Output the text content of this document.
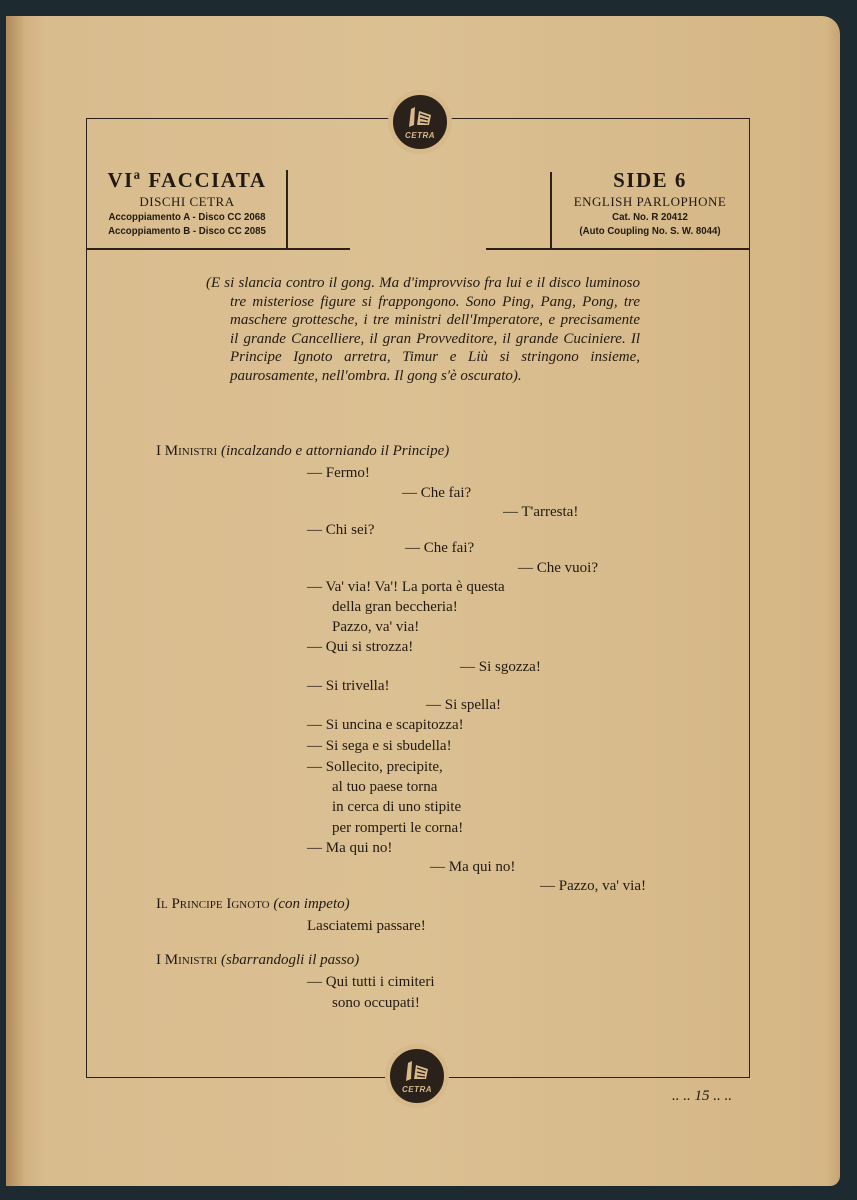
CETRA
VIª FACCIATA
DISCHI CETRA
Accoppiamento A - Disco CC 2068
Accoppiamento B - Disco CC 2085
SIDE 6
ENGLISH PARLOPHONE
Cat. No. R 20412
(Auto Coupling No. S. W. 8044)
(E si slancia contro il gong. Ma d'improvviso fra lui e il disco luminoso tre misteriose figure si frappongono. Sono Ping, Pang, Pong, tre maschere grottesche, i tre ministri dell'Imperatore, e precisamente il grande Cancelliere, il gran Provveditore, il grande Cuciniere. Il Principe Ignoto arretra, Timur e Liù si stringono insieme, paurosamente, nell'ombra. Il gong s'è oscurato).
I Ministri (incalzando e attorniando il Principe)
— Fermo!
— Che fai?
— T'arresta!
— Chi sei?
— Che fai?
— Che vuoi?
— Va' via! Va'! La porta è questa
della gran beccheria!
Pazzo, va' via!
— Qui si strozza!
— Si sgozza!
— Si trivella!
— Si spella!
— Si uncina e scapitozza!
— Si sega e si sbudella!
— Sollecito, precipite,
al tuo paese torna
in cerca di uno stipite
per romperti le corna!
— Ma qui no!
— Ma qui no!
— Pazzo, va' via!
Il Principe Ignoto (con impeto)
Lasciatemi passare!
I Ministri (sbarrandogli il passo)
— Qui tutti i cimiteri
sono occupati!
CETRA	.. .. 15 .. ..
